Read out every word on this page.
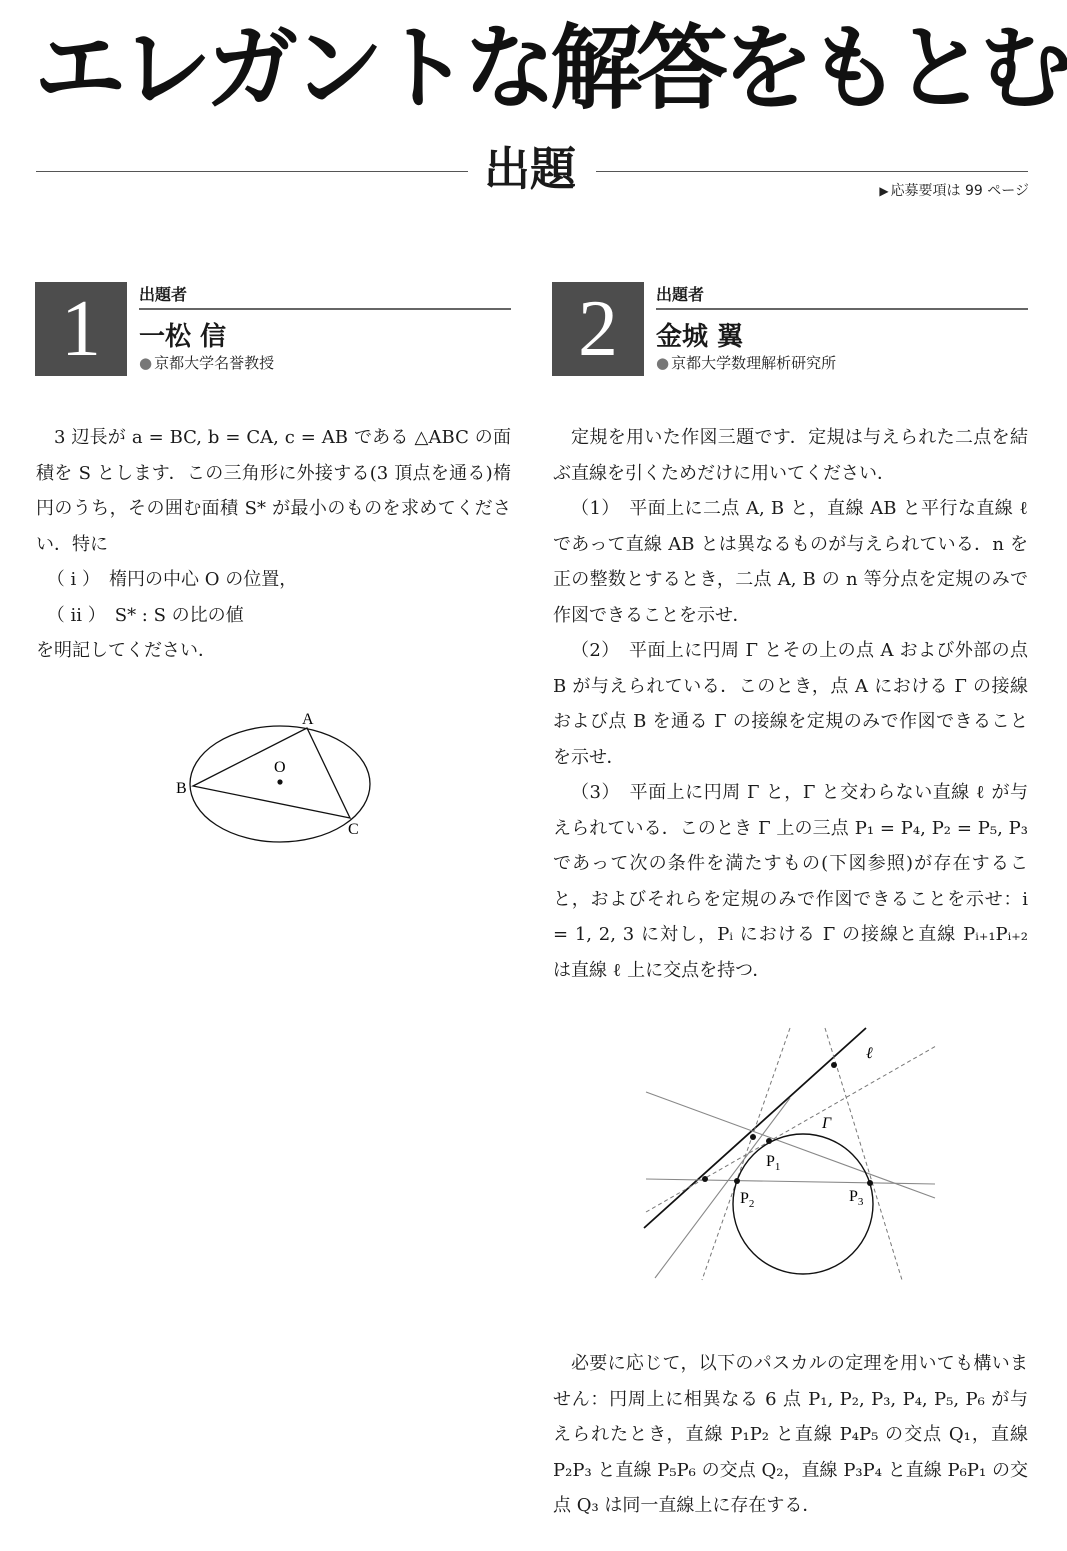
エレガントな解答をもとむ
出題	▶ 応募要項は 99 ページ
1	出題者
一松 信
● 京都大学名誉教授

3 辺長が a = BC, b = CA, c = AB である △ABC の面積を S とします．この三角形に外接する(3 頂点を通る)楕円のうち，その囲む面積 S* が最小のものを求めてください．特に

（ i ）　楕円の中心 O の位置，

（ ii ）　S* : S の比の値

を明記してください．

A
B
C
O
2	出題者
金城 翼
● 京都大学数理解析研究所

定規を用いた作図三題です．定規は与えられた二点を結ぶ直線を引くためだけに用いてください．

（1）　平面上に二点 A, B と，直線 AB と平行な直線 ℓ であって直線 AB とは異なるものが与えられている．n を正の整数とするとき，二点 A, B の n 等分点を定規のみで作図できることを示せ．

（2）　平面上に円周 Γ とその上の点 A および外部の点 B が与えられている．このとき，点 A における Γ の接線および点 B を通る Γ の接線を定規のみで作図できることを示せ．

（3）　平面上に円周 Γ と，Γ と交わらない直線 ℓ が与えられている．このとき Γ 上の三点 P₁ = P₄, P₂ = P₅, P₃ であって次の条件を満たすもの(下図参照)が存在すること，およびそれらを定規のみで作図できることを示せ：i = 1, 2, 3 に対し，Pᵢ における Γ の接線と直線 Pᵢ₊₁Pᵢ₊₂ は直線 ℓ 上に交点を持つ．

ℓ
Γ
$P_1$
$P_2$	$P_3$

必要に応じて，以下のパスカルの定理を用いても構いません：円周上に相異なる 6 点 P₁, P₂, P₃, P₄, P₅, P₆ が与えられたとき，直線 P₁P₂ と直線 P₄P₅ の交点 Q₁，直線 P₂P₃ と直線 P₅P₆ の交点 Q₂，直線 P₃P₄ と直線 P₆P₁ の交点 Q₃ は同一直線上に存在する．
